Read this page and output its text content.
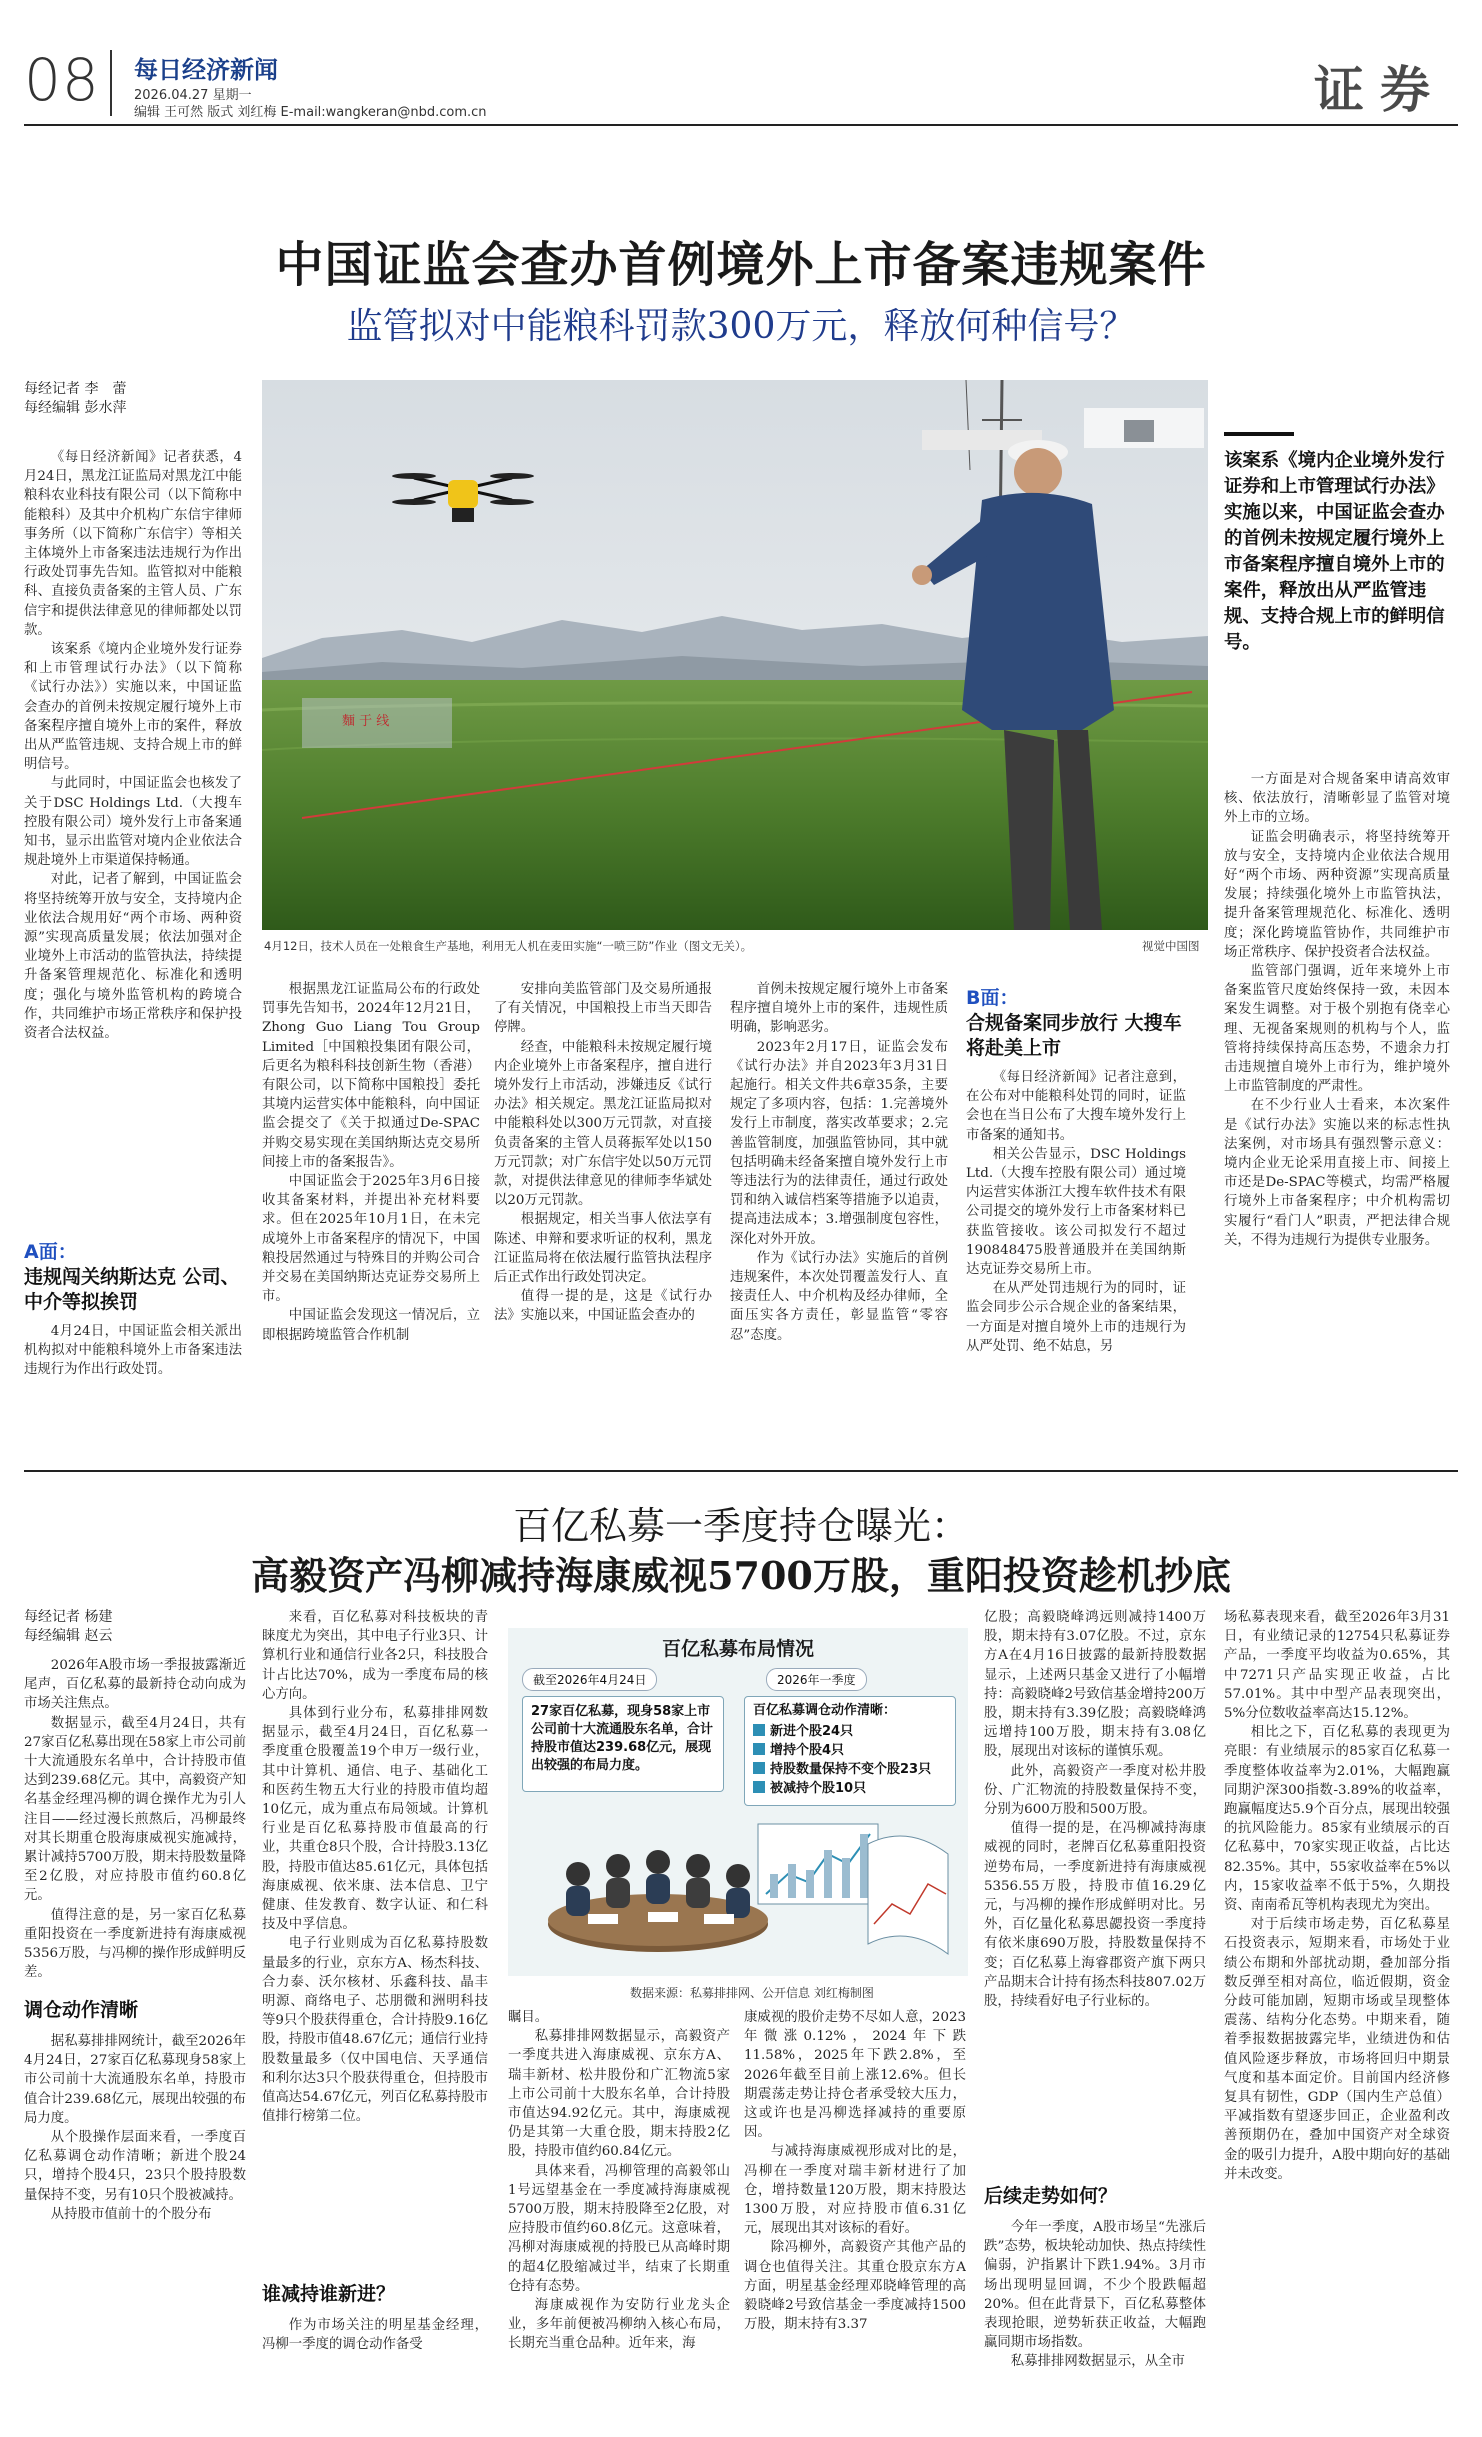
08 每日经济新闻
2026.04.27 星期一
编辑 王可然 版式 刘红梅 E-mail:wangkeran@nbd.com.cn	证券
中国证监会查办首例境外上市备案违规案件
监管拟对中能粮科罚款300万元，释放何种信号？
每经记者 李　蕾
每经编辑 彭水萍
麵 于 线
4月12日，技术人员在一处粮食生产基地，利用无人机在麦田实施“一喷三防”作业（图文无关）。	视觉中国图
该案系《境内企业境外发行证券和上市管理试行办法》实施以来，中国证监会查办的首例未按规定履行境外上市备案程序擅自境外上市的案件，释放出从严监管违规、支持合规上市的鲜明信号。

《每日经济新闻》记者获悉，4月24日，黑龙江证监局对黑龙江中能粮科农业科技有限公司（以下简称中能粮科）及其中介机构广东信宇律师事务所（以下简称广东信宇）等相关主体境外上市备案违法违规行为作出行政处罚事先告知。监管拟对中能粮科、直接负责备案的主管人员、广东信宇和提供法律意见的律师都处以罚款。

该案系《境内企业境外发行证券和上市管理试行办法》（以下简称《试行办法》）实施以来，中国证监会查办的首例未按规定履行境外上市备案程序擅自境外上市的案件，释放出从严监管违规、支持合规上市的鲜明信号。

与此同时，中国证监会也核发了关于DSC Holdings Ltd.（大搜车控股有限公司）境外发行上市备案通知书，显示出监管对境内企业依法合规赴境外上市渠道保持畅通。

对此，记者了解到，中国证监会将坚持统筹开放与安全，支持境内企业依法合规用好“两个市场、两种资源”实现高质量发展；依法加强对企业境外上市活动的监管执法，持续提升备案管理规范化、标准化和透明度；强化与境外监管机构的跨境合作，共同维护市场正常秩序和保护投资者合法权益。

A面：
违规闯关纳斯达克 公司、中介等拟挨罚

4月24日，中国证监会相关派出机构拟对中能粮科境外上市备案违法违规行为作出行政处罚。

根据黑龙江证监局公布的行政处罚事先告知书，2024年12月21日，Zhong Guo Liang Tou Group Limited［中国粮投集团有限公司，后更名为粮科科技创新生物（香港）有限公司，以下简称中国粮投］委托其境内运营实体中能粮科，向中国证监会提交了《关于拟通过De-SPAC并购交易实现在美国纳斯达克交易所间接上市的备案报告》。

中国证监会于2025年3月6日接收其备案材料，并提出补充材料要求。但在2025年10月1日，在未完成境外上市备案程序的情况下，中国粮投居然通过与特殊目的并购公司合并交易在美国纳斯达克证券交易所上市。

中国证监会发现这一情况后，立即根据跨境监管合作机制

安排向美监管部门及交易所通报了有关情况，中国粮投上市当天即告停牌。

经查，中能粮科未按规定履行境内企业境外上市备案程序，擅自进行境外发行上市活动，涉嫌违反《试行办法》相关规定。黑龙江证监局拟对中能粮科处以300万元罚款，对直接负责备案的主管人员蒋振军处以150万元罚款；对广东信宇处以50万元罚款，对提供法律意见的律师李华斌处以20万元罚款。

根据规定，相关当事人依法享有陈述、申辩和要求听证的权利，黑龙江证监局将在依法履行监管执法程序后正式作出行政处罚决定。

值得一提的是，这是《试行办法》实施以来，中国证监会查办的

首例未按规定履行境外上市备案程序擅自境外上市的案件，违规性质明确，影响恶劣。

2023年2月17日，证监会发布《试行办法》并自2023年3月31日起施行。相关文件共6章35条，主要规定了多项内容，包括：1.完善境外发行上市制度，落实改革要求；2.完善监管制度，加强监管协同，其中就包括明确未经备案擅自境外发行上市等违法行为的法律责任，通过行政处罚和纳入诚信档案等措施予以追责，提高违法成本；3.增强制度包容性，深化对外开放。

作为《试行办法》实施后的首例违规案件，本次处罚覆盖发行人、直接责任人、中介机构及经办律师，全面压实各方责任，彰显监管“零容忍”态度。

B面：
合规备案同步放行 大搜车将赴美上市

《每日经济新闻》记者注意到，在公布对中能粮科处罚的同时，证监会也在当日公布了大搜车境外发行上市备案的通知书。

相关公告显示，DSC Holdings Ltd.（大搜车控股有限公司）通过境内运营实体浙江大搜车软件技术有限公司提交的境外发行上市备案材料已获监管接收。该公司拟发行不超过190848475股普通股并在美国纳斯达克证券交易所上市。

在从严处罚违规行为的同时，证监会同步公示合规企业的备案结果，一方面是对擅自境外上市的违规行为从严处罚、绝不姑息，另

一方面是对合规备案申请高效审核、依法放行，清晰彰显了监管对境外上市的立场。

证监会明确表示，将坚持统筹开放与安全，支持境内企业依法合规用好“两个市场、两种资源”实现高质量发展；持续强化境外上市监管执法，提升备案管理规范化、标准化、透明度；深化跨境监管协作，共同维护市场正常秩序、保护投资者合法权益。

监管部门强调，近年来境外上市备案监管尺度始终保持一致，未因本案发生调整。对于极个别抱有侥幸心理、无视备案规则的机构与个人，监管将持续保持高压态势，不遗余力打击违规擅自境外上市行为，维护境外上市监管制度的严肃性。

在不少行业人士看来，本次案件是《试行办法》实施以来的标志性执法案例，对市场具有强烈警示意义：境内企业无论采用直接上市、间接上市还是De-SPAC等模式，均需严格履行境外上市备案程序；中介机构需切实履行“看门人”职责，严把法律合规关，不得为违规行为提供专业服务。

百亿私募一季度持仓曝光：
高毅资产冯柳减持海康威视5700万股，重阳投资趁机抄底
每经记者 杨建
每经编辑 赵云

2026年A股市场一季报披露渐近尾声，百亿私募的最新持仓动向成为市场关注焦点。

数据显示，截至4月24日，共有27家百亿私募出现在58家上市公司前十大流通股东名单中，合计持股市值达到239.68亿元。其中，高毅资产知名基金经理冯柳的调仓操作尤为引人注目——经过漫长煎熬后，冯柳最终对其长期重仓股海康威视实施减持，累计减持5700万股，期末持股数量降至2亿股，对应持股市值约60.8亿元。

值得注意的是，另一家百亿私募重阳投资在一季度新进持有海康威视5356万股，与冯柳的操作形成鲜明反差。

调仓动作清晰

据私募排排网统计，截至2026年4月24日，27家百亿私募现身58家上市公司前十大流通股东名单，持股市值合计239.68亿元，展现出较强的布局力度。

从个股操作层面来看，一季度百亿私募调仓动作清晰；新进个股24只，增持个股4只，23只个股持股数量保持不变，另有10只个股被减持。

从持股市值前十的个股分布

来看，百亿私募对科技板块的青睐度尤为突出，其中电子行业3只、计算机行业和通信行业各2只，科技股合计占比达70%，成为一季度布局的核心方向。

具体到行业分布，私募排排网数据显示，截至4月24日，百亿私募一季度重仓股覆盖19个申万一级行业，其中计算机、通信、电子、基础化工和医药生物五大行业的持股市值均超10亿元，成为重点布局领域。计算机行业是百亿私募持股市值最高的行业，共重仓8只个股，合计持股3.13亿股，持股市值达85.61亿元，具体包括海康威视、依米康、法本信息、卫宁健康、佳发教育、数字认证、和仁科技及中孚信息。

电子行业则成为百亿私募持股数量最多的行业，京东方A、杨杰科技、合力泰、沃尔核材、乐鑫科技、晶丰明源、商络电子、芯朋微和洲明科技等9只个股获得重仓，合计持股9.16亿股，持股市值48.67亿元；通信行业持股数量最多（仅中国电信、天孚通信和利尔达3只个股获得重仓，但持股市值高达54.67亿元，列百亿私募持股市值排行榜第二位。

谁减持谁新进？

作为市场关注的明星基金经理，冯柳一季度的调仓动作备受

百亿私募布局情况
截至2026年4月24日	2026年一季度
27家百亿私募，现身58家上市公司前十大流通股东名单，合计持股市值达239.68亿元，展现出较强的布局力度。
百亿私募调仓动作清晰：
新进个股24只
增持个股4只
持股数量保持不变个股23只
被减持个股10只
数据来源：私募排排网、公开信息 刘红梅制图

瞩目。

私募排排网数据显示，高毅资产一季度共进入海康威视、京东方A、瑞丰新材、松井股份和广汇物流5家上市公司前十大股东名单，合计持股市值达94.92亿元。其中，海康威视仍是其第一大重仓股，期末持股2亿股，持股市值约60.84亿元。

具体来看，冯柳管理的高毅邻山1号远望基金在一季度减持海康威视5700万股，期末持股降至2亿股，对应持股市值约60.8亿元。这意味着，冯柳对海康威视的持股已从高峰时期的超4亿股缩减过半，结束了长期重仓持有态势。

海康威视作为安防行业龙头企业，多年前便被冯柳纳入核心布局，长期充当重仓品种。近年来，海

康威视的股价走势不尽如人意，2023年微涨0.12%，2024年下跌11.58%，2025年下跌2.8%，至2026年截至目前上涨12.6%。但长期震荡走势让持仓者承受较大压力，这或许也是冯柳选择减持的重要原因。

与减持海康威视形成对比的是，冯柳在一季度对瑞丰新材进行了加仓，增持数量120万股，期末持股达1300万股，对应持股市值6.31亿元，展现出其对该标的看好。

除冯柳外，高毅资产其他产品的调仓也值得关注。其重仓股京东方A方面，明星基金经理邓晓峰管理的高毅晓峰2号致信基金一季度减持1500万股，期末持有3.37

亿股；高毅晓峰鸿远则减持1400万股，期末持有3.07亿股。不过，京东方A在4月16日披露的最新持股数据显示，上述两只基金又进行了小幅增持：高毅晓峰2号致信基金增持200万股，期末持有3.39亿股；高毅晓峰鸿远增持100万股，期末持有3.08亿股，展现出对该标的谨慎乐观。

此外，高毅资产一季度对松井股份、广汇物流的持股数量保持不变，分别为600万股和500万股。

值得一提的是，在冯柳减持海康威视的同时，老牌百亿私募重阳投资逆势布局，一季度新进持有海康威视5356.55万股，持股市值16.29亿元，与冯柳的操作形成鲜明对比。另外，百亿量化私募思勰投资一季度持有依米康690万股，持股数量保持不变；百亿私募上海睿郡资产旗下两只产品期末合计持有扬杰科技807.02万股，持续看好电子行业标的。

后续走势如何？

今年一季度，A股市场呈“先涨后跌”态势，板块轮动加快、热点持续性偏弱，沪指累计下跌1.94%。3月市场出现明显回调，不少个股跌幅超20%。但在此背景下，百亿私募整体表现抢眼，逆势斩获正收益，大幅跑赢同期市场指数。

私募排排网数据显示，从全市

场私募表现来看，截至2026年3月31日，有业绩记录的12754只私募证券产品，一季度平均收益为0.65%，其中7271只产品实现正收益，占比57.01%。其中中型产品表现突出，5%分位数收益率高达15.12%。

相比之下，百亿私募的表现更为亮眼：有业绩展示的85家百亿私募一季度整体收益率为2.01%，大幅跑赢同期沪深300指数-3.89%的收益率，跑赢幅度达5.9个百分点，展现出较强的抗风险能力。85家有业绩展示的百亿私募中，70家实现正收益，占比达82.35%。其中，55家收益率在5%以内，15家收益率不低于5%，久期投资、南南希瓦等机构表现尤为突出。

对于后续市场走势，百亿私募星石投资表示，短期来看，市场处于业绩公布期和外部扰动期，叠加部分指数反弹至相对高位，临近假期，资金分歧可能加剧，短期市场或呈现整体震荡、结构分化态势。中期来看，随着季报数据披露完毕，业绩进伪和估值风险逐步释放，市场将回归中期景气度和基本面定价。目前国内经济修复具有韧性，GDP（国内生产总值）平减指数有望逐步回正，企业盈利改善预期仍在，叠加中国资产对全球资金的吸引力提升，A股中期向好的基础并未改变。
